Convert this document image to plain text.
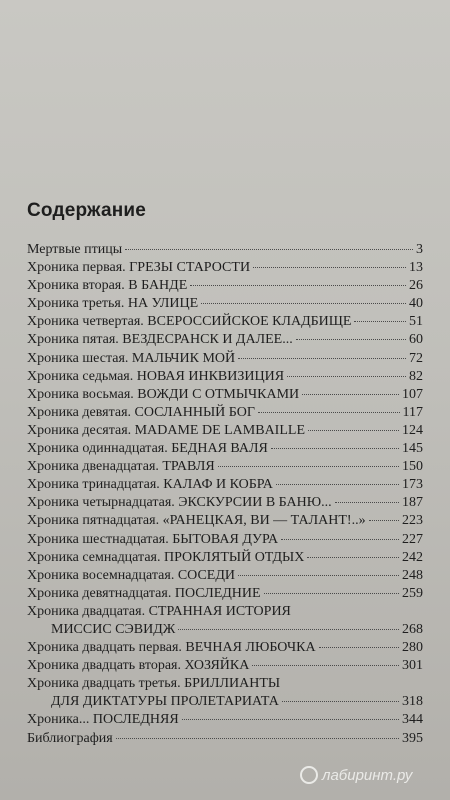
Содержание
Мертвые птицы	3
Хроника первая. ГРЕЗЫ СТАРОСТИ	13
Хроника вторая. В БАНДЕ	26
Хроника третья. НА УЛИЦЕ	40
Хроника четвертая. ВСЕРОССИЙСКОЕ КЛАДБИЩЕ	51
Хроника пятая. ВЕЗДЕСРАНСК И ДАЛЕЕ...	60
Хроника шестая. МАЛЬЧИК МОЙ	72
Хроника седьмая. НОВАЯ ИНКВИЗИЦИЯ	82
Хроника восьмая. ВОЖДИ С ОТМЫЧКАМИ	107
Хроника девятая. СОСЛАННЫЙ БОГ	117
Хроника десятая. MADAME DE LAMBAILLE	124
Хроника одиннадцатая. БЕДНАЯ ВАЛЯ	145
Хроника двенадцатая. ТРАВЛЯ	150
Хроника тринадцатая. КАЛАФ И КОБРА	173
Хроника четырнадцатая. ЭКСКУРСИИ В БАНЮ...	187
Хроника пятнадцатая. «РАНЕЦКАЯ, ВИ — ТАЛАНТ!..»	223
Хроника шестнадцатая. БЫТОВАЯ ДУРА	227
Хроника семнадцатая. ПРОКЛЯТЫЙ ОТДЫХ	242
Хроника восемнадцатая. СОСЕДИ	248
Хроника девятнадцатая. ПОСЛЕДНИЕ	259
Хроника двадцатая. СТРАННАЯ ИСТОРИЯ
МИССИС СЭВИДЖ	268
Хроника двадцать первая. ВЕЧНАЯ ЛЮБОЧКА	280
Хроника двадцать вторая. ХОЗЯЙКА	301
Хроника двадцать третья. БРИЛЛИАНТЫ
ДЛЯ ДИКТАТУРЫ ПРОЛЕТАРИАТА	318
Хроника... ПОСЛЕДНЯЯ	344
Библиография	395
лабиринт.ру
